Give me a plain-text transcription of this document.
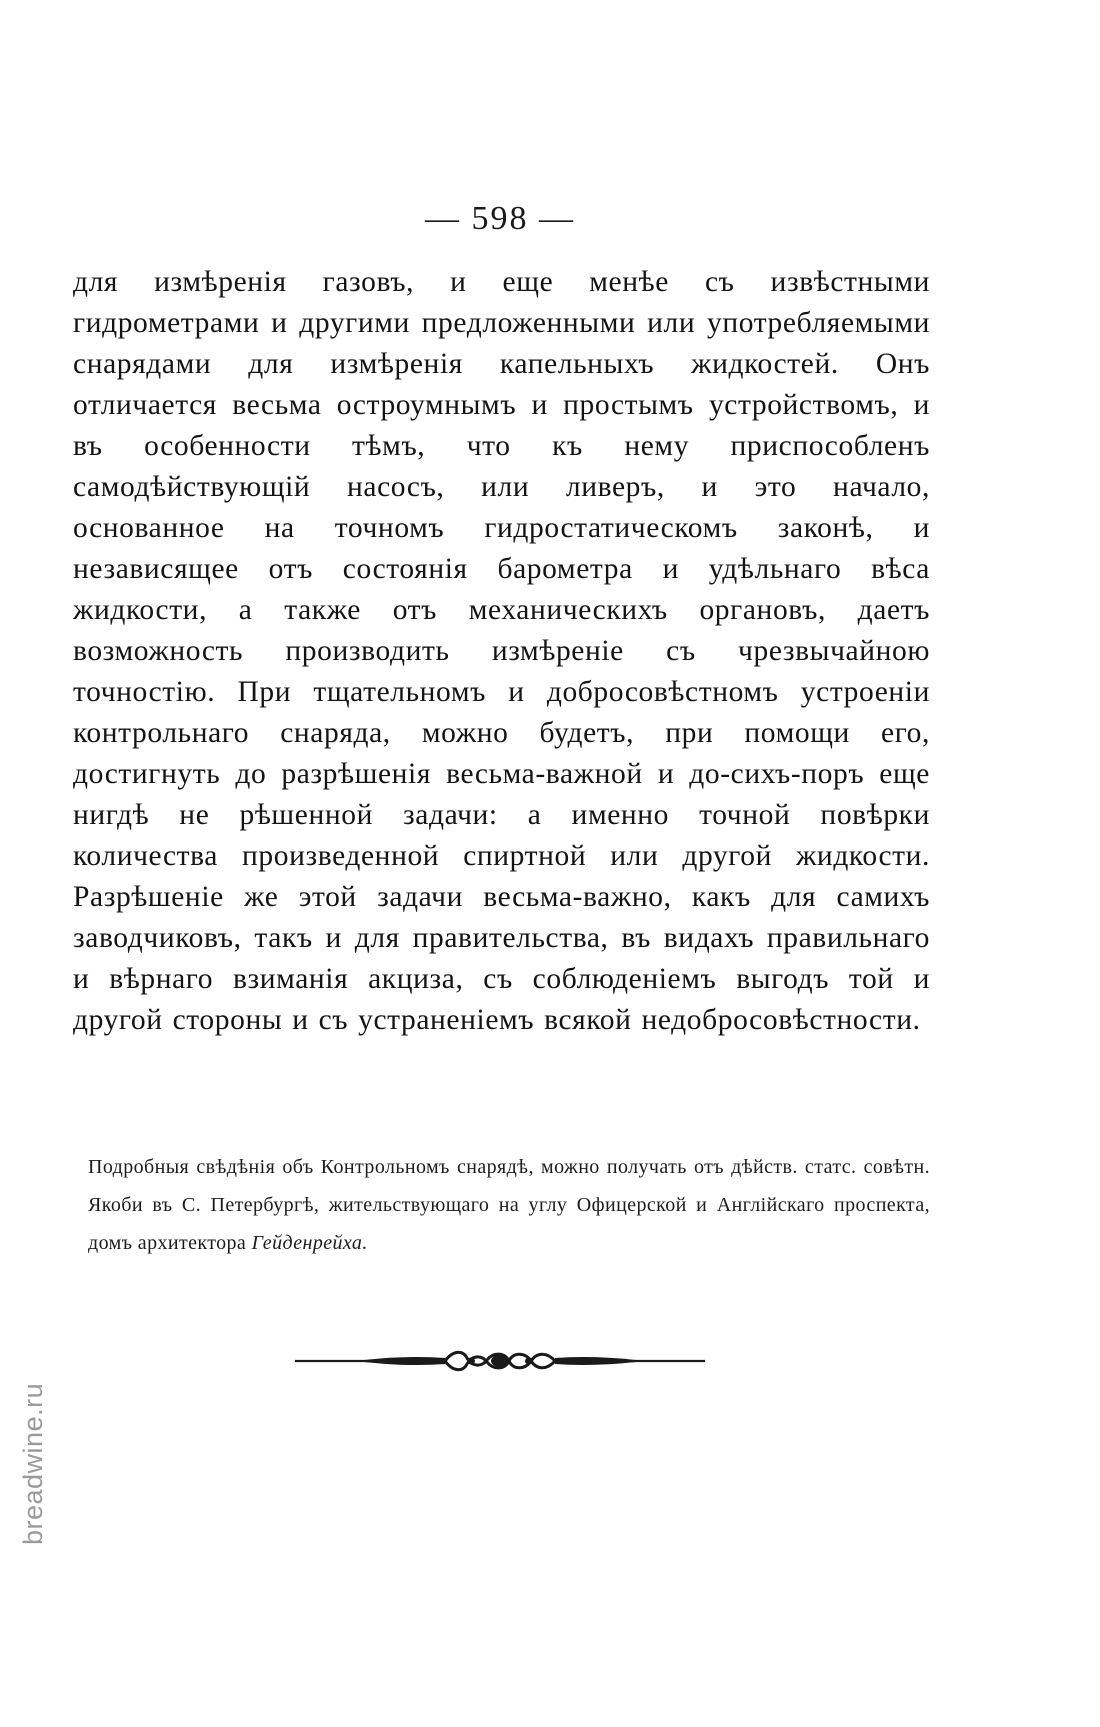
— 598 —

для измѣренія газовъ, и еще менѣе съ извѣстными гидрометрами и другими предложенными или употребляемыми снарядами для измѣренія капельныхъ жидкостей. Онъ отличается весьма остроумнымъ и простымъ устройствомъ, и въ особенности тѣмъ, что къ нему приспособленъ самодѣйствующій насосъ, или ливеръ, и это начало, основанное на точномъ гидростатическомъ законѣ, и независящее отъ состоянія барометра и удѣльнаго вѣса жидкости, а также отъ механическихъ органовъ, даетъ возможность производить измѣреніе съ чрезвычайною точностію. При тщательномъ и добросовѣстномъ устроеніи контрольнаго снаряда, можно будетъ, при помощи его, достигнуть до разрѣшенія весьма-важной и до-сихъ-поръ еще нигдѣ не рѣшенной задачи: а именно точной повѣрки количества произведенной спиртной или другой жидкости. Разрѣшеніе же этой задачи весьма-важно, какъ для самихъ заводчиковъ, такъ и для правительства, въ видахъ правильнаго и вѣрнаго взиманія акциза, съ соблюденіемъ выгодъ той и другой стороны и съ устраненіемъ всякой недобросовѣстности.

Подробныя свѣдѣнія объ Контрольномъ снарядѣ, можно получать отъ дѣйств. статс. совѣтн. Якоби въ С. Петербургѣ, жительствующаго на углу Офицерской и Англійскаго проспекта, домъ архитектора Гейденрейха.

breadwine.ru
